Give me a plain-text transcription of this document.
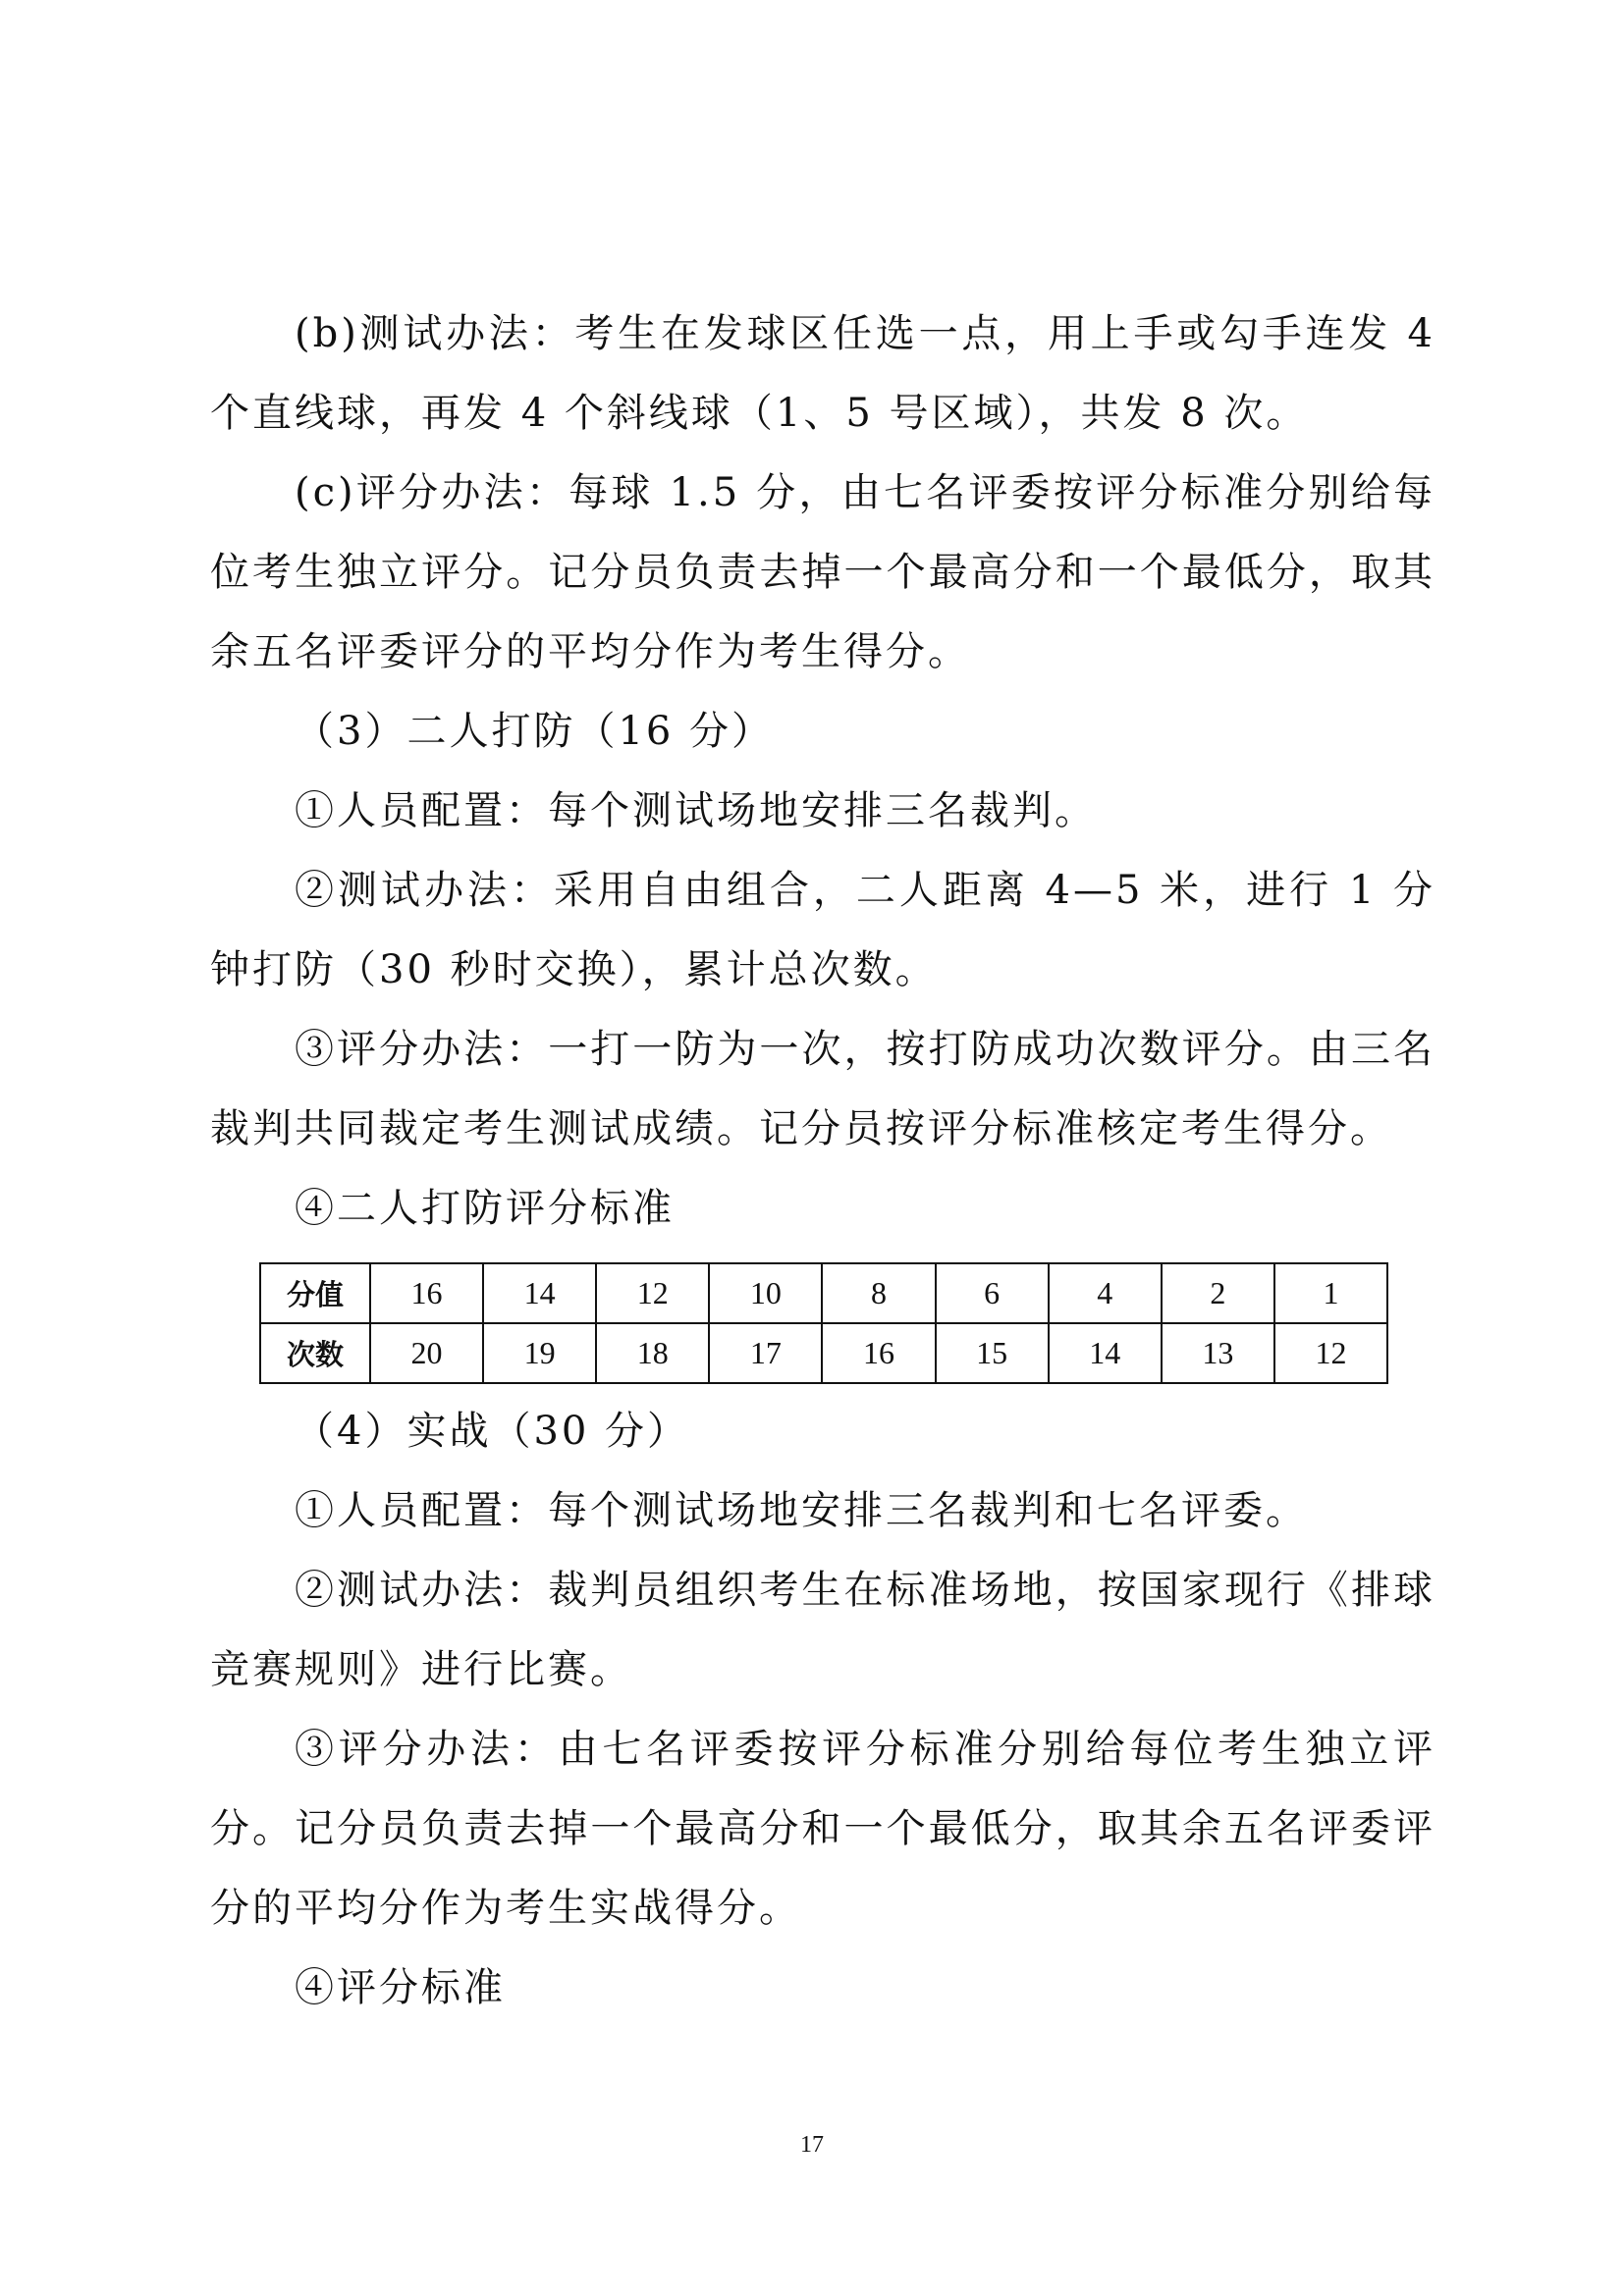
(b)测试办法：考生在发球区任选一点，用上手或勾手连发 4 个直线球，再发 4 个斜线球（1、5 号区域），共发 8 次。

(c)评分办法：每球 1.5 分，由七名评委按评分标准分别给每位考生独立评分。记分员负责去掉一个最高分和一个最低分，取其余五名评委评分的平均分作为考生得分。

（3）二人打防（16 分）

①人员配置：每个测试场地安排三名裁判。

②测试办法：采用自由组合，二人距离 4—5 米，进行 1 分钟打防（30 秒时交换），累计总次数。

③评分办法：一打一防为一次，按打防成功次数评分。由三名裁判共同裁定考生测试成绩。记分员按评分标准核定考生得分。

④二人打防评分标准

分值	16	14	12	10	8	6	4	2	1
次数	20	19	18	17	16	15	14	13	12

（4）实战（30 分）

①人员配置：每个测试场地安排三名裁判和七名评委。

②测试办法：裁判员组织考生在标准场地，按国家现行《排球竞赛规则》进行比赛。

③评分办法：由七名评委按评分标准分别给每位考生独立评分。记分员负责去掉一个最高分和一个最低分，取其余五名评委评分的平均分作为考生实战得分。

④评分标准

17
